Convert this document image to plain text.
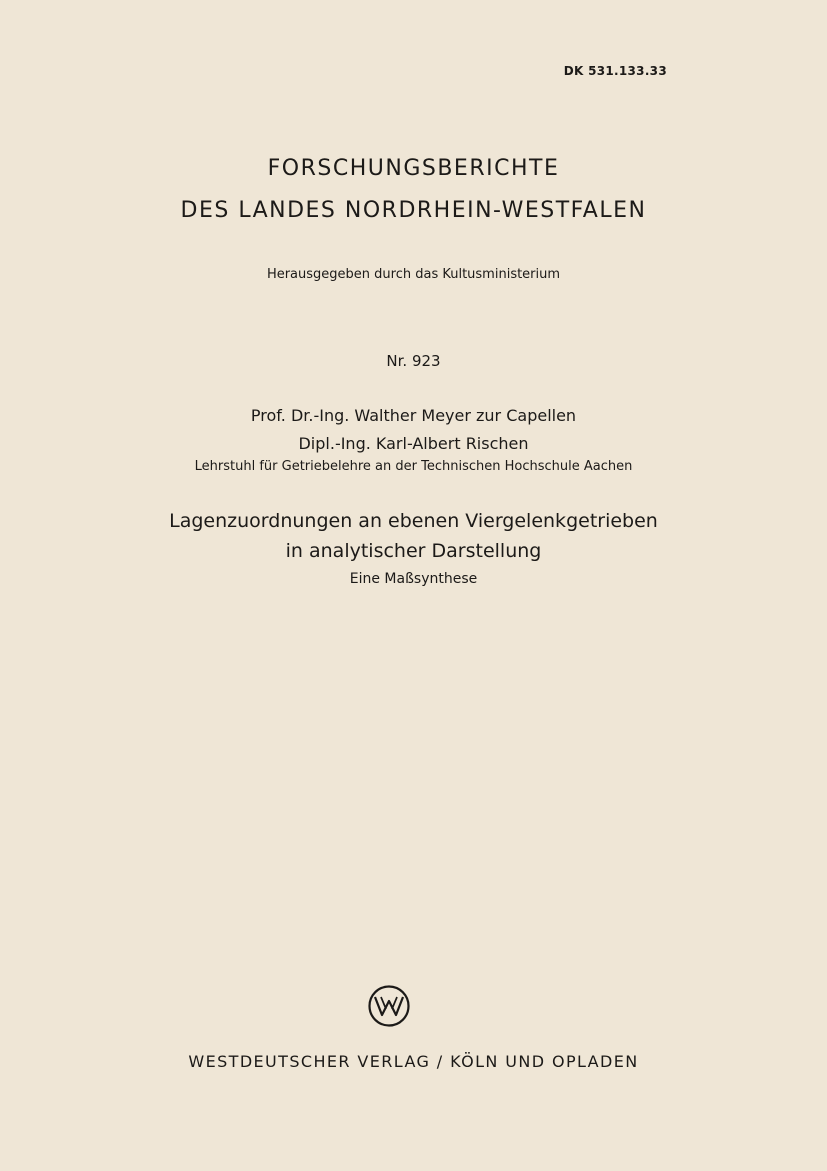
DK 531.133.33
FORSCHUNGSBERICHTE
DES LANDES NORDRHEIN-WESTFALEN
Herausgegeben durch das Kultusministerium
Nr. 923
Prof. Dr.-Ing. Walther Meyer zur Capellen
Dipl.-Ing. Karl-Albert Rischen
Lehrstuhl für Getriebelehre an der Technischen Hochschule Aachen
Lagenzuordnungen an ebenen Viergelenkgetrieben
in analytischer Darstellung
Eine Maßsynthese
WESTDEUTSCHER VERLAG / KÖLN UND OPLADEN
